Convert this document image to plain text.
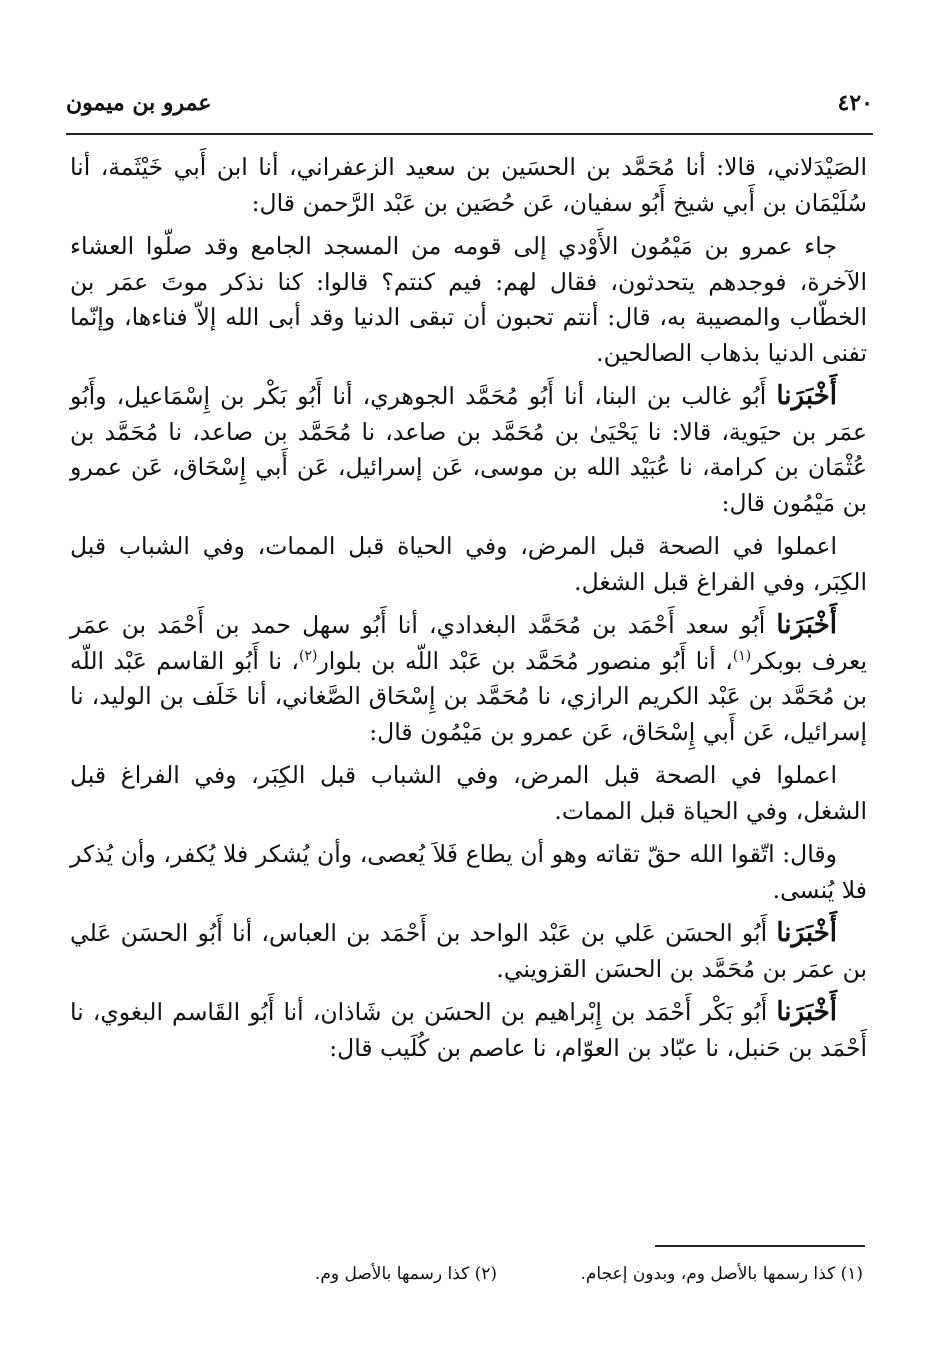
٤٢٠
عمرو بن ميمون

الصَيْدَلاني، قالا: أنا مُحَمَّد بن الحسَين بن سعيد الزعفراني، أنا ابن أَبي خَيْثَمة، أنا سُلَيْمَان بن أَبي شيخ أَبُو سفيان، عَن حُصَين بن عَبْد الرَّحمن قال:

جاء عمرو بن مَيْمُون الأَوْدي إلى قومه من المسجد الجامع وقد صلّوا العشاء الآخرة، فوجدهم يتحدثون، فقال لهم: فيم كنتم؟ قالوا: كنا نذكر موتَ عمَر بن الخطّاب والمصيبة به، قال: أنتم تحبون أن تبقى الدنيا وقد أبى الله إلاّ فناءها، وإنّما تفنى الدنيا بذهاب الصالحين.

أَخْبَرَنا أَبُو غالب بن البنا، أنا أَبُو مُحَمَّد الجوهري، أنا أَبُو بَكْر بن إِسْمَاعيل، وأَبُو عمَر بن حيَوية، قالا: نا يَحْيَىٰ بن مُحَمَّد بن صاعد، نا مُحَمَّد بن صاعد، نا مُحَمَّد بن عُثْمَان بن كرامة، نا عُبَيْد الله بن موسى، عَن إسرائيل، عَن أَبي إِسْحَاق، عَن عمرو بن مَيْمُون قال:

اعملوا في الصحة قبل المرض، وفي الحياة قبل الممات، وفي الشباب قبل الكِبَر، وفي الفراغ قبل الشغل.

أَخْبَرَنا أَبُو سعد أَحْمَد بن مُحَمَّد البغدادي، أنا أَبُو سهل حمد بن أَحْمَد بن عمَر يعرف بوبكر$^{(١)}$، أنا أَبُو منصور مُحَمَّد بن عَبْد اللّه بن بلوار$^{(٢)}$، نا أَبُو القاسم عَبْد اللّه بن مُحَمَّد بن عَبْد الكريم الرازي، نا مُحَمَّد بن إِسْحَاق الصَّغاني، أنا خَلَف بن الوليد، نا إسرائيل، عَن أَبي إِسْحَاق، عَن عمرو بن مَيْمُون قال:

اعملوا في الصحة قبل المرض، وفي الشباب قبل الكِبَر، وفي الفراغ قبل الشغل، وفي الحياة قبل الممات.

وقال: اتّقوا الله حقّ تقاته وهو أن يطاع فَلاَ يُعصى، وأن يُشكر فلا يُكفر، وأن يُذكر فلا يُنسى.

أَخْبَرَنا أَبُو الحسَن عَلي بن عَبْد الواحد بن أَحْمَد بن العباس، أنا أَبُو الحسَن عَلي بن عمَر بن مُحَمَّد بن الحسَن القزويني.

أَخْبَرَنا أَبُو بَكْر أَحْمَد بن إِبْراهيم بن الحسَن بن شَاذان، أنا أَبُو القَاسم البغوي، نا أَحْمَد بن حَنبل، نا عبّاد بن العوّام، نا عاصم بن كُلَيب قال:

(١) كذا رسمها بالأصل وم، وبدون إعجام. (٢) كذا رسمها بالأصل وم.
